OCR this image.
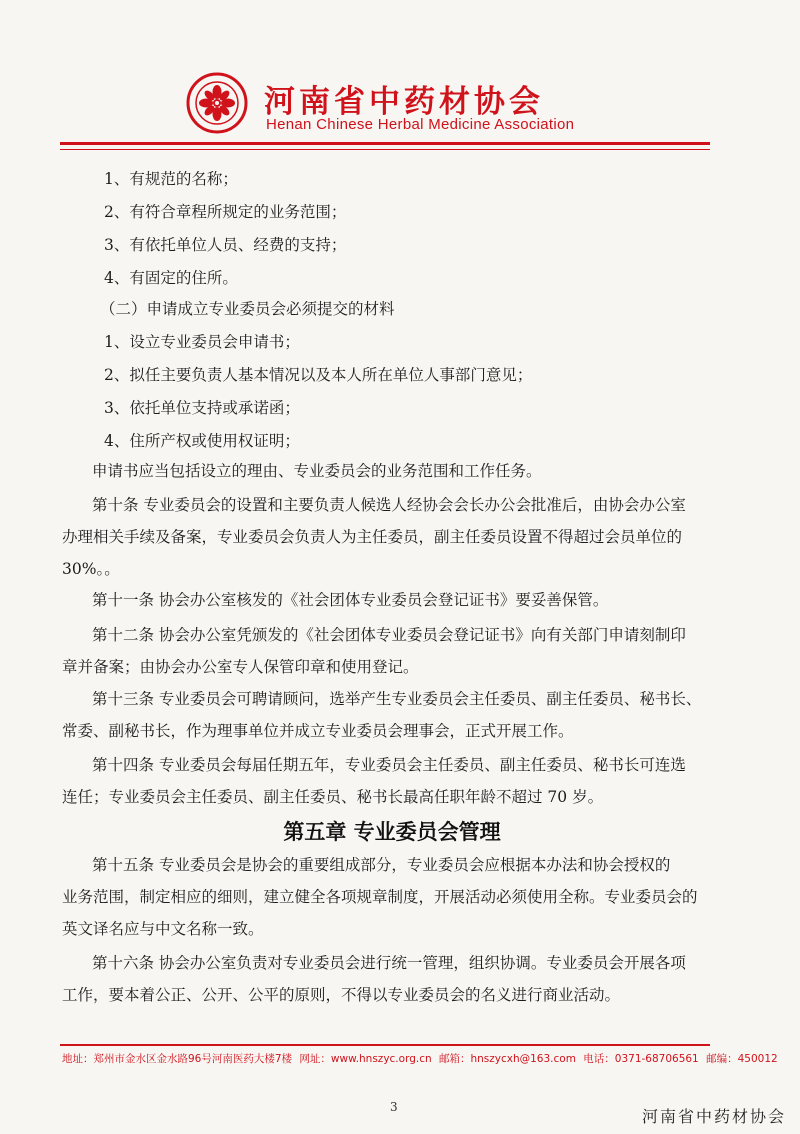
河南省中药材协会
Henan Chinese Herbal Medicine Association
1、有规范的名称；
2、有符合章程所规定的业务范围；
3、有依托单位人员、经费的支持；
4、有固定的住所。
（二）申请成立专业委员会必须提交的材料
1、设立专业委员会申请书；
2、拟任主要负责人基本情况以及本人所在单位人事部门意见；
3、依托单位支持或承诺函；
4、住所产权或使用权证明；
申请书应当包括设立的理由、专业委员会的业务范围和工作任务。
第十条 专业委员会的设置和主要负责人候选人经协会会长办公会批准后，由协会办公室
办理相关手续及备案，专业委员会负责人为主任委员，副主任委员设置不得超过会员单位的
30%。。
第十一条 协会办公室核发的《社会团体专业委员会登记证书》要妥善保管。
第十二条 协会办公室凭颁发的《社会团体专业委员会登记证书》向有关部门申请刻制印
章并备案；由协会办公室专人保管印章和使用登记。
第十三条 专业委员会可聘请顾问，选举产生专业委员会主任委员、副主任委员、秘书长、
常委、副秘书长，作为理事单位并成立专业委员会理事会，正式开展工作。
第十四条 专业委员会每届任期五年，专业委员会主任委员、副主任委员、秘书长可连选
连任；专业委员会主任委员、副主任委员、秘书长最高任职年龄不超过 70 岁。
第五章 专业委员会管理
第十五条 专业委员会是协会的重要组成部分，专业委员会应根据本办法和协会授权的
业务范围，制定相应的细则，建立健全各项规章制度，开展活动必须使用全称。专业委员会的
英文译名应与中文名称一致。
第十六条 协会办公室负责对专业委员会进行统一管理，组织协调。专业委员会开展各项
工作，要本着公正、公开、公平的原则，不得以专业委员会的名义进行商业活动。
地址：郑州市金水区金水路96号河南医药大楼7楼 网址：www.hnszyc.org.cn 邮箱：hnszycxh@163.com 电话：0371-68706561 邮编：450012
3	河南省中药材协会
